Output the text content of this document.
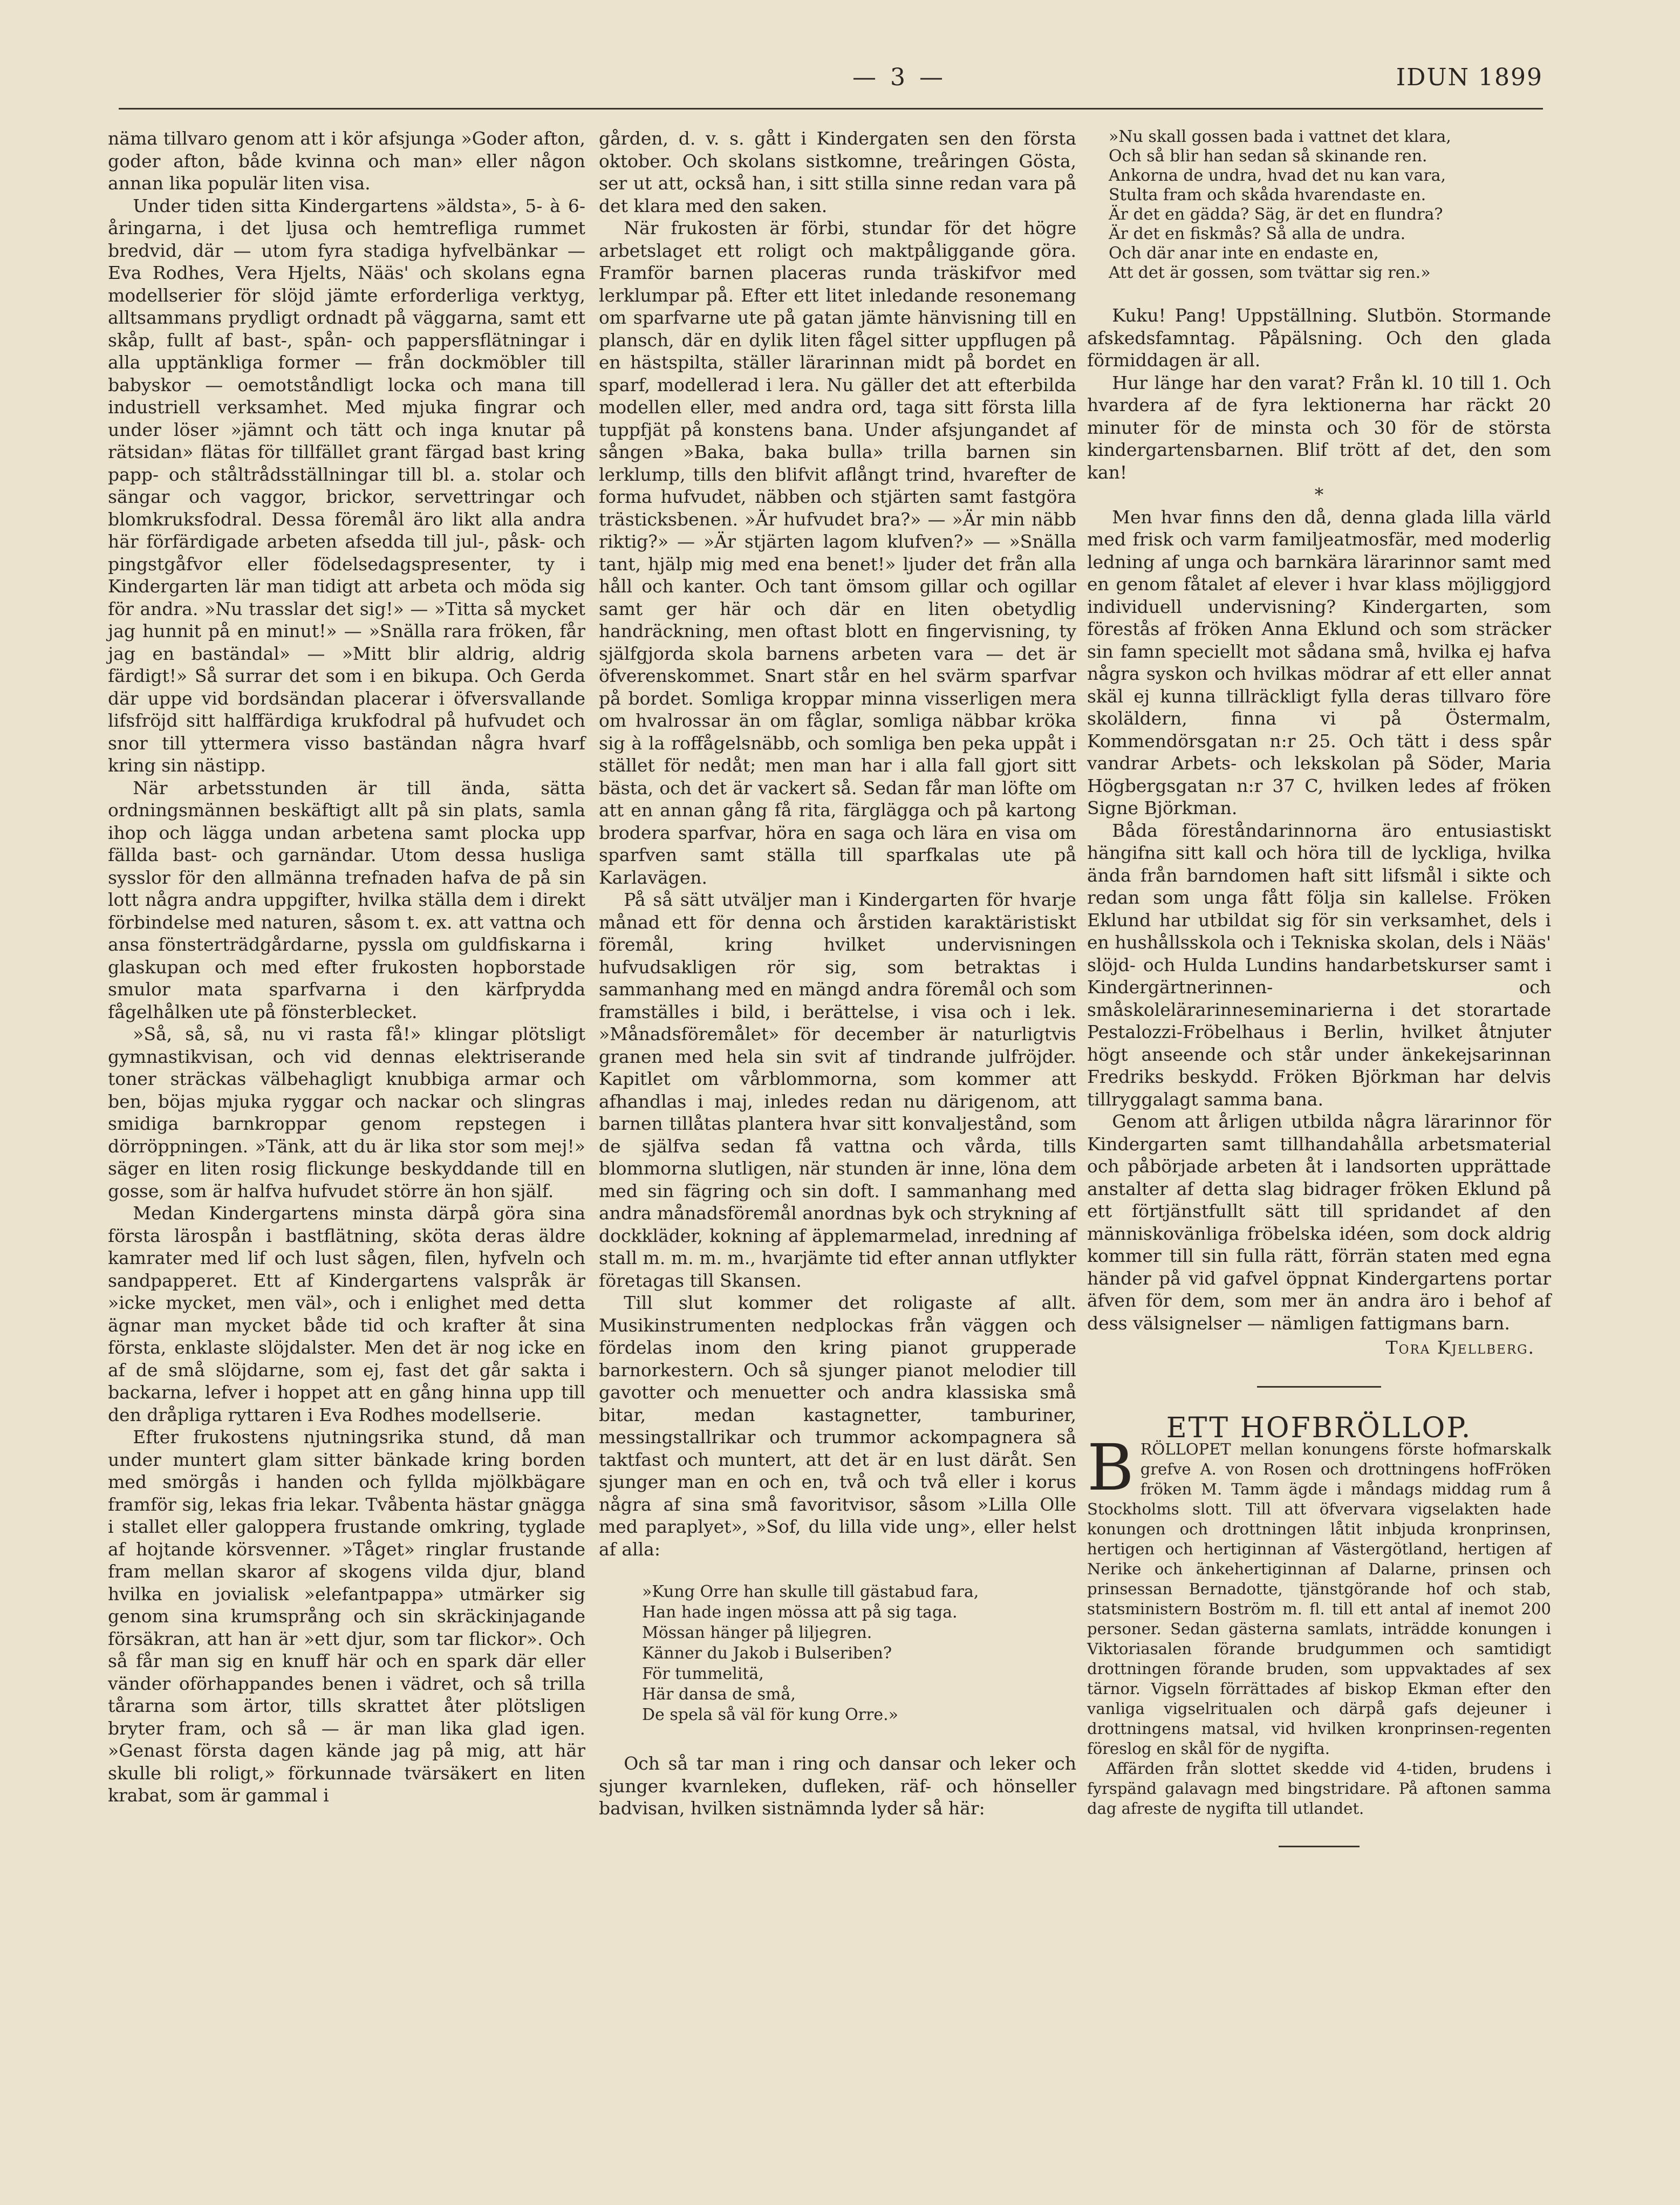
— 3 —	IDUN 1899

näma tillvaro genom att i kör afsjunga »Goder afton, goder afton, både kvinna och man» eller någon annan lika populär liten visa.

Under tiden sitta Kindergartens »äldsta», 5- à 6-åringarna, i det ljusa och hemtrefliga rummet bredvid, där — utom fyra stadiga hyfvelbänkar — Eva Rodhes, Vera Hjelts, Nääs' och skolans egna modellserier för slöjd jämte erforderliga verktyg, alltsammans prydligt ordnadt på väggarna, samt ett skåp, fullt af bast-, spån- och pappersflätningar i alla upptänkliga former — från dockmöbler till babyskor — oemotståndligt locka och mana till industriell verksamhet. Med mjuka fingrar och under löser »jämnt och tätt och inga knutar på rätsidan» flätas för tillfället grant färgad bast kring papp- och ståltrådsställningar till bl. a. stolar och sängar och vaggor, brickor, servettringar och blomkruksfodral. Dessa föremål äro likt alla andra här förfärdigade arbeten afsedda till jul-, påsk- och pingstgåfvor eller födelsedagspresenter, ty i Kindergarten lär man tidigt att arbeta och möda sig för andra. »Nu trasslar det sig!» — »Titta så mycket jag hunnit på en minut!» — »Snälla rara fröken, får jag en baständal» — »Mitt blir aldrig, aldrig färdigt!» Så surrar det som i en bikupa. Och Gerda där uppe vid bordsändan placerar i öfversvallande lifsfröjd sitt halffärdiga krukfodral på hufvudet och snor till yttermera visso baständan några hvarf kring sin nästipp.

När arbetsstunden är till ända, sätta ordningsmännen beskäftigt allt på sin plats, samla ihop och lägga undan arbetena samt plocka upp fällda bast- och garnändar. Utom dessa husliga sysslor för den allmänna trefnaden hafva de på sin lott några andra uppgifter, hvilka ställa dem i direkt förbindelse med naturen, såsom t. ex. att vattna och ansa fönsterträdgårdarne, pyssla om guldfiskarna i glaskupan och med efter frukosten hopborstade smulor mata sparfvarna i den kärfprydda fågelhålken ute på fönsterblecket.

»Så, så, så, nu vi rasta få!» klingar plötsligt gymnastikvisan, och vid dennas elektriserande toner sträckas välbehagligt knubbiga armar och ben, böjas mjuka ryggar och nackar och slingras smidiga barnkroppar genom repstegen i dörröppningen. »Tänk, att du är lika stor som mej!» säger en liten rosig flickunge beskyddande till en gosse, som är halfva hufvudet större än hon själf.

Medan Kindergartens minsta därpå göra sina första lärospån i bastflätning, sköta deras äldre kamrater med lif och lust sågen, filen, hyfveln och sandpapperet. Ett af Kindergartens valspråk är »icke mycket, men väl», och i enlighet med detta ägnar man mycket både tid och krafter åt sina första, enklaste slöjdalster. Men det är nog icke en af de små slöjdarne, som ej, fast det går sakta i backarna, lefver i hoppet att en gång hinna upp till den dråpliga ryttaren i Eva Rodhes modellserie.

Efter frukostens njutningsrika stund, då man under muntert glam sitter bänkade kring borden med smörgås i handen och fyllda mjölkbägare framför sig, lekas fria lekar. Tvåbenta hästar gnägga i stallet eller galoppera frustande omkring, tyglade af hojtande körsvenner. »Tåget» ringlar frustande fram mellan skaror af skogens vilda djur, bland hvilka en jovialisk »elefantpappa» utmärker sig genom sina krumsprång och sin skräckinjagande försäkran, att han är »ett djur, som tar flickor». Och så får man sig en knuff här och en spark där eller vänder oförhappandes benen i vädret, och så trilla tårarna som ärtor, tills skrattet åter plötsligen bryter fram, och så — är man lika glad igen. »Genast första dagen kände jag på mig, att här skulle bli roligt,» förkunnade tvärsäkert en liten krabat, som är gammal i

gården, d. v. s. gått i Kindergaten sen den första oktober. Och skolans sistkomne, treåringen Gösta, ser ut att, också han, i sitt stilla sinne redan vara på det klara med den saken.

När frukosten är förbi, stundar för det högre arbetslaget ett roligt och maktpåliggande göra. Framför barnen placeras runda träskifvor med lerklumpar på. Efter ett litet inledande resonemang om sparfvarne ute på gatan jämte hänvisning till en plansch, där en dylik liten fågel sitter uppflugen på en hästspilta, ställer lärarinnan midt på bordet en sparf, modellerad i lera. Nu gäller det att efterbilda modellen eller, med andra ord, taga sitt första lilla tuppfjät på konstens bana. Under afsjungandet af sången »Baka, baka bulla» trilla barnen sin lerklump, tills den blifvit aflångt trind, hvarefter de forma hufvudet, näbben och stjärten samt fastgöra trästicksbenen. »Är hufvudet bra?» — »Är min näbb riktig?» — »Är stjärten lagom klufven?» — »Snälla tant, hjälp mig med ena benet!» ljuder det från alla håll och kanter. Och tant ömsom gillar och ogillar samt ger här och där en liten obetydlig handräckning, men oftast blott en fingervisning, ty själfgjorda skola barnens arbeten vara — det är öfverenskommet. Snart står en hel svärm sparfvar på bordet. Somliga kroppar minna visserligen mera om hvalrossar än om fåglar, somliga näbbar kröka sig à la roffågelsnäbb, och somliga ben peka uppåt i stället för nedåt; men man har i alla fall gjort sitt bästa, och det är vackert så. Sedan får man löfte om att en annan gång få rita, färglägga och på kartong brodera sparfvar, höra en saga och lära en visa om sparfven samt ställa till sparfkalas ute på Karlavägen.

På så sätt utväljer man i Kindergarten för hvarje månad ett för denna och årstiden karaktäristiskt föremål, kring hvilket undervisningen hufvudsakligen rör sig, som betraktas i sammanhang med en mängd andra föremål och som framställes i bild, i berättelse, i visa och i lek. »Månadsföremålet» för december är naturligtvis granen med hela sin svit af tindrande julfröjder. Kapitlet om vårblommorna, som kommer att afhandlas i maj, inledes redan nu därigenom, att barnen tillåtas plantera hvar sitt konvaljestånd, som de själfva sedan få vattna och vårda, tills blommorna slutligen, när stunden är inne, löna dem med sin fägring och sin doft. I sammanhang med andra månadsföremål anordnas byk och strykning af dockkläder, kokning af äpplemarmelad, inredning af stall m. m. m. m., hvarjämte tid efter annan utflykter företagas till Skansen.

Till slut kommer det roligaste af allt. Musikinstrumenten nedplockas från väggen och fördelas inom den kring pianot grupperade barnorkestern. Och så sjunger pianot melodier till gavotter och menuetter och andra klassiska små bitar, medan kastagnetter, tamburiner, messingstallrikar och trummor ackompagnera så taktfast och muntert, att det är en lust däråt. Sen sjunger man en och en, två och två eller i korus några af sina små favoritvisor, såsom »Lilla Olle med paraplyet», »Sof, du lilla vide ung», eller helst af alla:

»Kung Orre han skulle till gästabud fara,
Han hade ingen mössa att på sig taga.
Mössan hänger på liljegren.
Känner du Jakob i Bulseriben?
För tummelitä,
Här dansa de små,
De spela så väl för kung Orre.»

Och så tar man i ring och dansar och leker och sjunger kvarnleken, dufleken, räf- och hönseller badvisan, hvilken sistnämnda lyder så här:

»Nu skall gossen bada i vattnet det klara,
Och så blir han sedan så skinande ren.
Ankorna de undra, hvad det nu kan vara,
Stulta fram och skåda hvarendaste en.
Är det en gädda? Säg, är det en flundra?
Är det en fiskmås? Så alla de undra.
Och där anar inte en endaste en,
Att det är gossen, som tvättar sig ren.»

Kuku! Pang! Uppställning. Slutbön. Stormande afskedsfamntag. Påpälsning. Och den glada förmiddagen är all.

Hur länge har den varat? Från kl. 10 till 1. Och hvardera af de fyra lektionerna har räckt 20 minuter för de minsta och 30 för de största kindergartensbarnen. Blif trött af det, den som kan!

*

Men hvar finns den då, denna glada lilla värld med frisk och varm familjeatmosfär, med moderlig ledning af unga och barnkära lärarinnor samt med en genom fåtalet af elever i hvar klass möjliggjord individuell undervisning? Kindergarten, som förestås af fröken Anna Eklund och som sträcker sin famn speciellt mot sådana små, hvilka ej hafva några syskon och hvilkas mödrar af ett eller annat skäl ej kunna tillräckligt fylla deras tillvaro före skoläldern, finna vi på Östermalm, Kommendörsgatan n:r 25. Och tätt i dess spår vandrar Arbets- och lekskolan på Söder, Maria Högbergsgatan n:r 37 C, hvilken ledes af fröken Signe Björkman.

Båda föreståndarinnorna äro entusiastiskt hängifna sitt kall och höra till de lyckliga, hvilka ända från barndomen haft sitt lifsmål i sikte och redan som unga fått följa sin kallelse. Fröken Eklund har utbildat sig för sin verksamhet, dels i en hushållsskola och i Tekniska skolan, dels i Nääs' slöjd- och Hulda Lundins handarbetskurser samt i Kindergärtnerinnen- och småskolelärarinneseminarierna i det storartade Pestalozzi-Fröbelhaus i Berlin, hvilket åtnjuter högt anseende och står under änkekejsarinnan Fredriks beskydd. Fröken Björkman har delvis tillryggalagt samma bana.

Genom att årligen utbilda några lärarinnor för Kindergarten samt tillhandahålla arbetsmaterial och påbörjade arbeten åt i landsorten upprättade anstalter af detta slag bidrager fröken Eklund på ett förtjänstfullt sätt till spridandet af den människovänliga fröbelska idéen, som dock aldrig kommer till sin fulla rätt, förrän staten med egna händer på vid gafvel öppnat Kindergartens portar äfven för dem, som mer än andra äro i behof af dess välsignelser — nämligen fattigmans barn.

Tora Kjellberg.

ETT HOFBRÖLLOP.

BRÖLLOPET mellan konungens förste hofmarskalk grefve A. von Rosen och drottningens hofFröken fröken M. Tamm ägde i måndags middag rum å Stockholms slott. Till att öfvervara vigselakten hade konungen och drottningen låtit inbjuda kronprinsen, hertigen och hertiginnan af Västergötland, hertigen af Nerike och änkehertiginnan af Dalarne, prinsen och prinsessan Bernadotte, tjänstgörande hof och stab, statsministern Boström m. fl. till ett antal af inemot 200 personer. Sedan gästerna samlats, inträdde konungen i Viktoriasalen förande brudgummen och samtidigt drottningen förande bruden, som uppvaktades af sex tärnor. Vigseln förrättades af biskop Ekman efter den vanliga vigselritualen och därpå gafs dejeuner i drottningens matsal, vid hvilken kronprinsen-regenten föreslog en skål för de nygifta.

Affärden från slottet skedde vid 4-tiden, brudens i fyrspänd galavagn med bingstridare. På aftonen samma dag afreste de nygifta till utlandet.
